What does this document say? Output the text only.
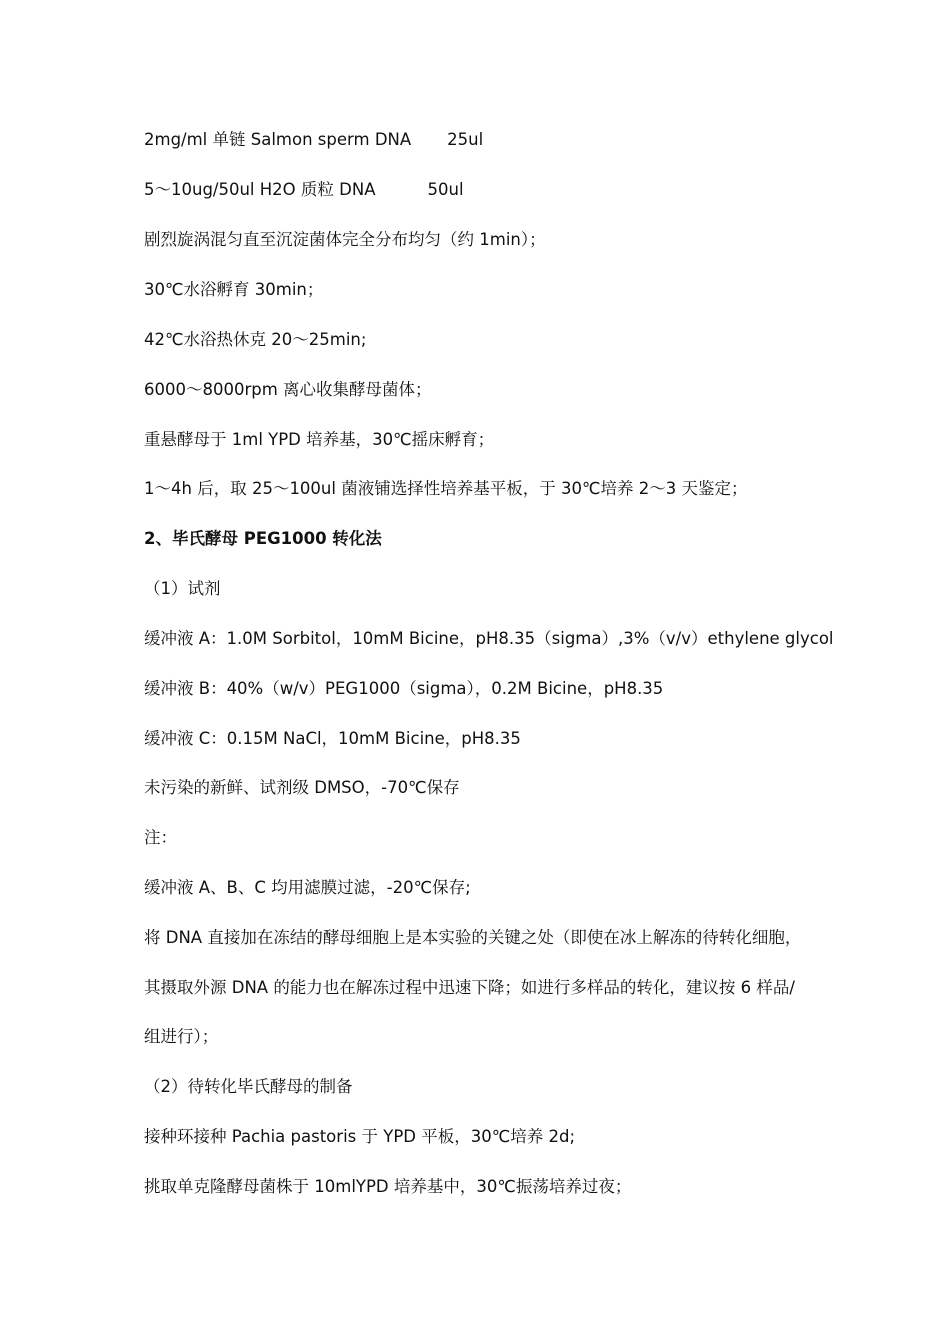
2mg/ml 单链 Salmon sperm DNA 25ul
5～10ug/50ul H2O 质粒 DNA	50ul
剧烈旋涡混匀直至沉淀菌体完全分布均匀（约 1min）；
30℃水浴孵育 30min；
42℃水浴热休克 20～25min;
6000～8000rpm 离心收集酵母菌体；
重悬酵母于 1ml YPD 培养基，30℃摇床孵育；
1～4h 后，取 25～100ul 菌液铺选择性培养基平板，于 30℃培养 2～3 天鉴定；
2、毕氏酵母 PEG1000 转化法
（1）试剂
缓冲液 A：1.0M Sorbitol，10mM Bicine，pH8.35（sigma）,3%（v/v）ethylene glycol
缓冲液 B：40%（w/v）PEG1000（sigma），0.2M Bicine，pH8.35
缓冲液 C：0.15M NaCl，10mM Bicine，pH8.35
未污染的新鲜、试剂级 DMSO，-70℃保存
注：
缓冲液 A、B、C 均用滤膜过滤，-20℃保存;
将 DNA 直接加在冻结的酵母细胞上是本实验的关键之处（即使在冰上解冻的待转化细胞，
其摄取外源 DNA 的能力也在解冻过程中迅速下降；如进行多样品的转化，建议按 6 样品/
组进行）；
（2）待转化毕氏酵母的制备
接种环接种 Pachia pastoris 于 YPD 平板，30℃培养 2d;
挑取单克隆酵母菌株于 10mlYPD 培养基中，30℃振荡培养过夜；
